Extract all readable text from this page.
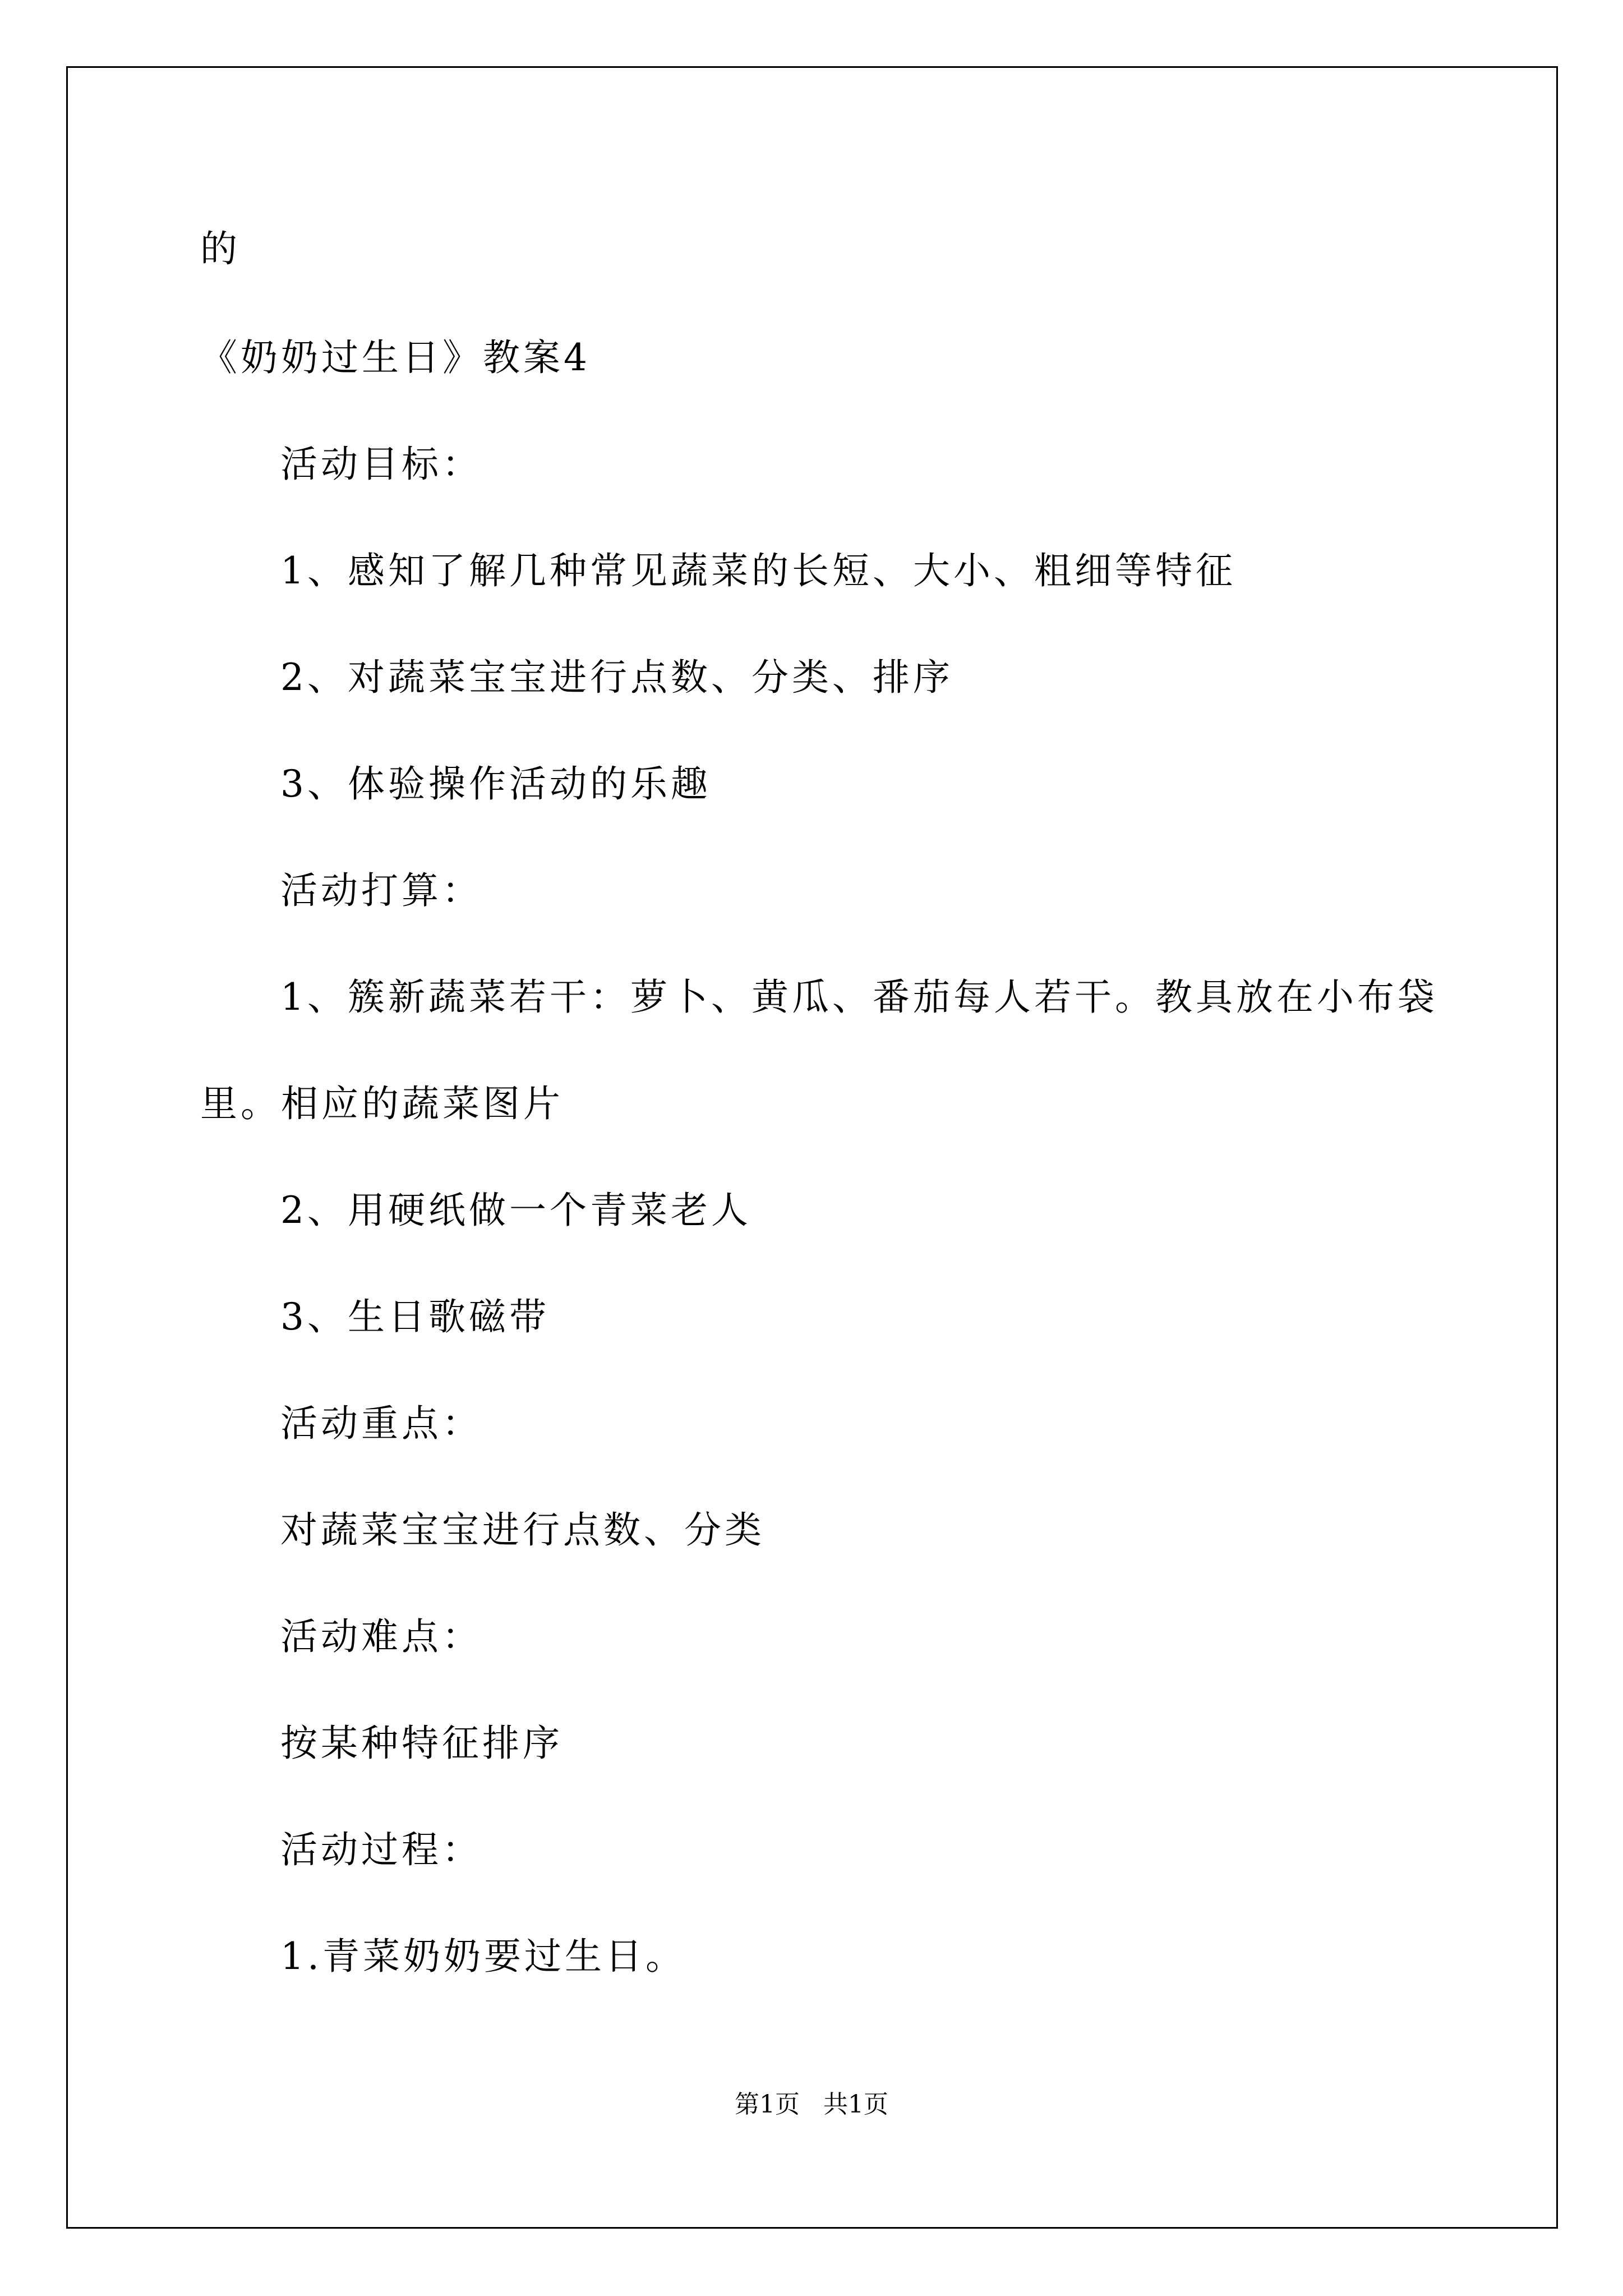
的
《奶奶过生日》教案4
活动目标：
1、感知了解几种常见蔬菜的长短、大小、粗细等特征
2、对蔬菜宝宝进行点数、分类、排序
3、体验操作活动的乐趣
活动打算：
1、簇新蔬菜若干：萝卜、黄瓜、番茄每人若干。教具放在小布袋
里。相应的蔬菜图片
2、用硬纸做一个青菜老人
3、生日歌磁带
活动重点：
对蔬菜宝宝进行点数、分类
活动难点：
按某种特征排序
活动过程：
1.青菜奶奶要过生日。
第1页   共1页
